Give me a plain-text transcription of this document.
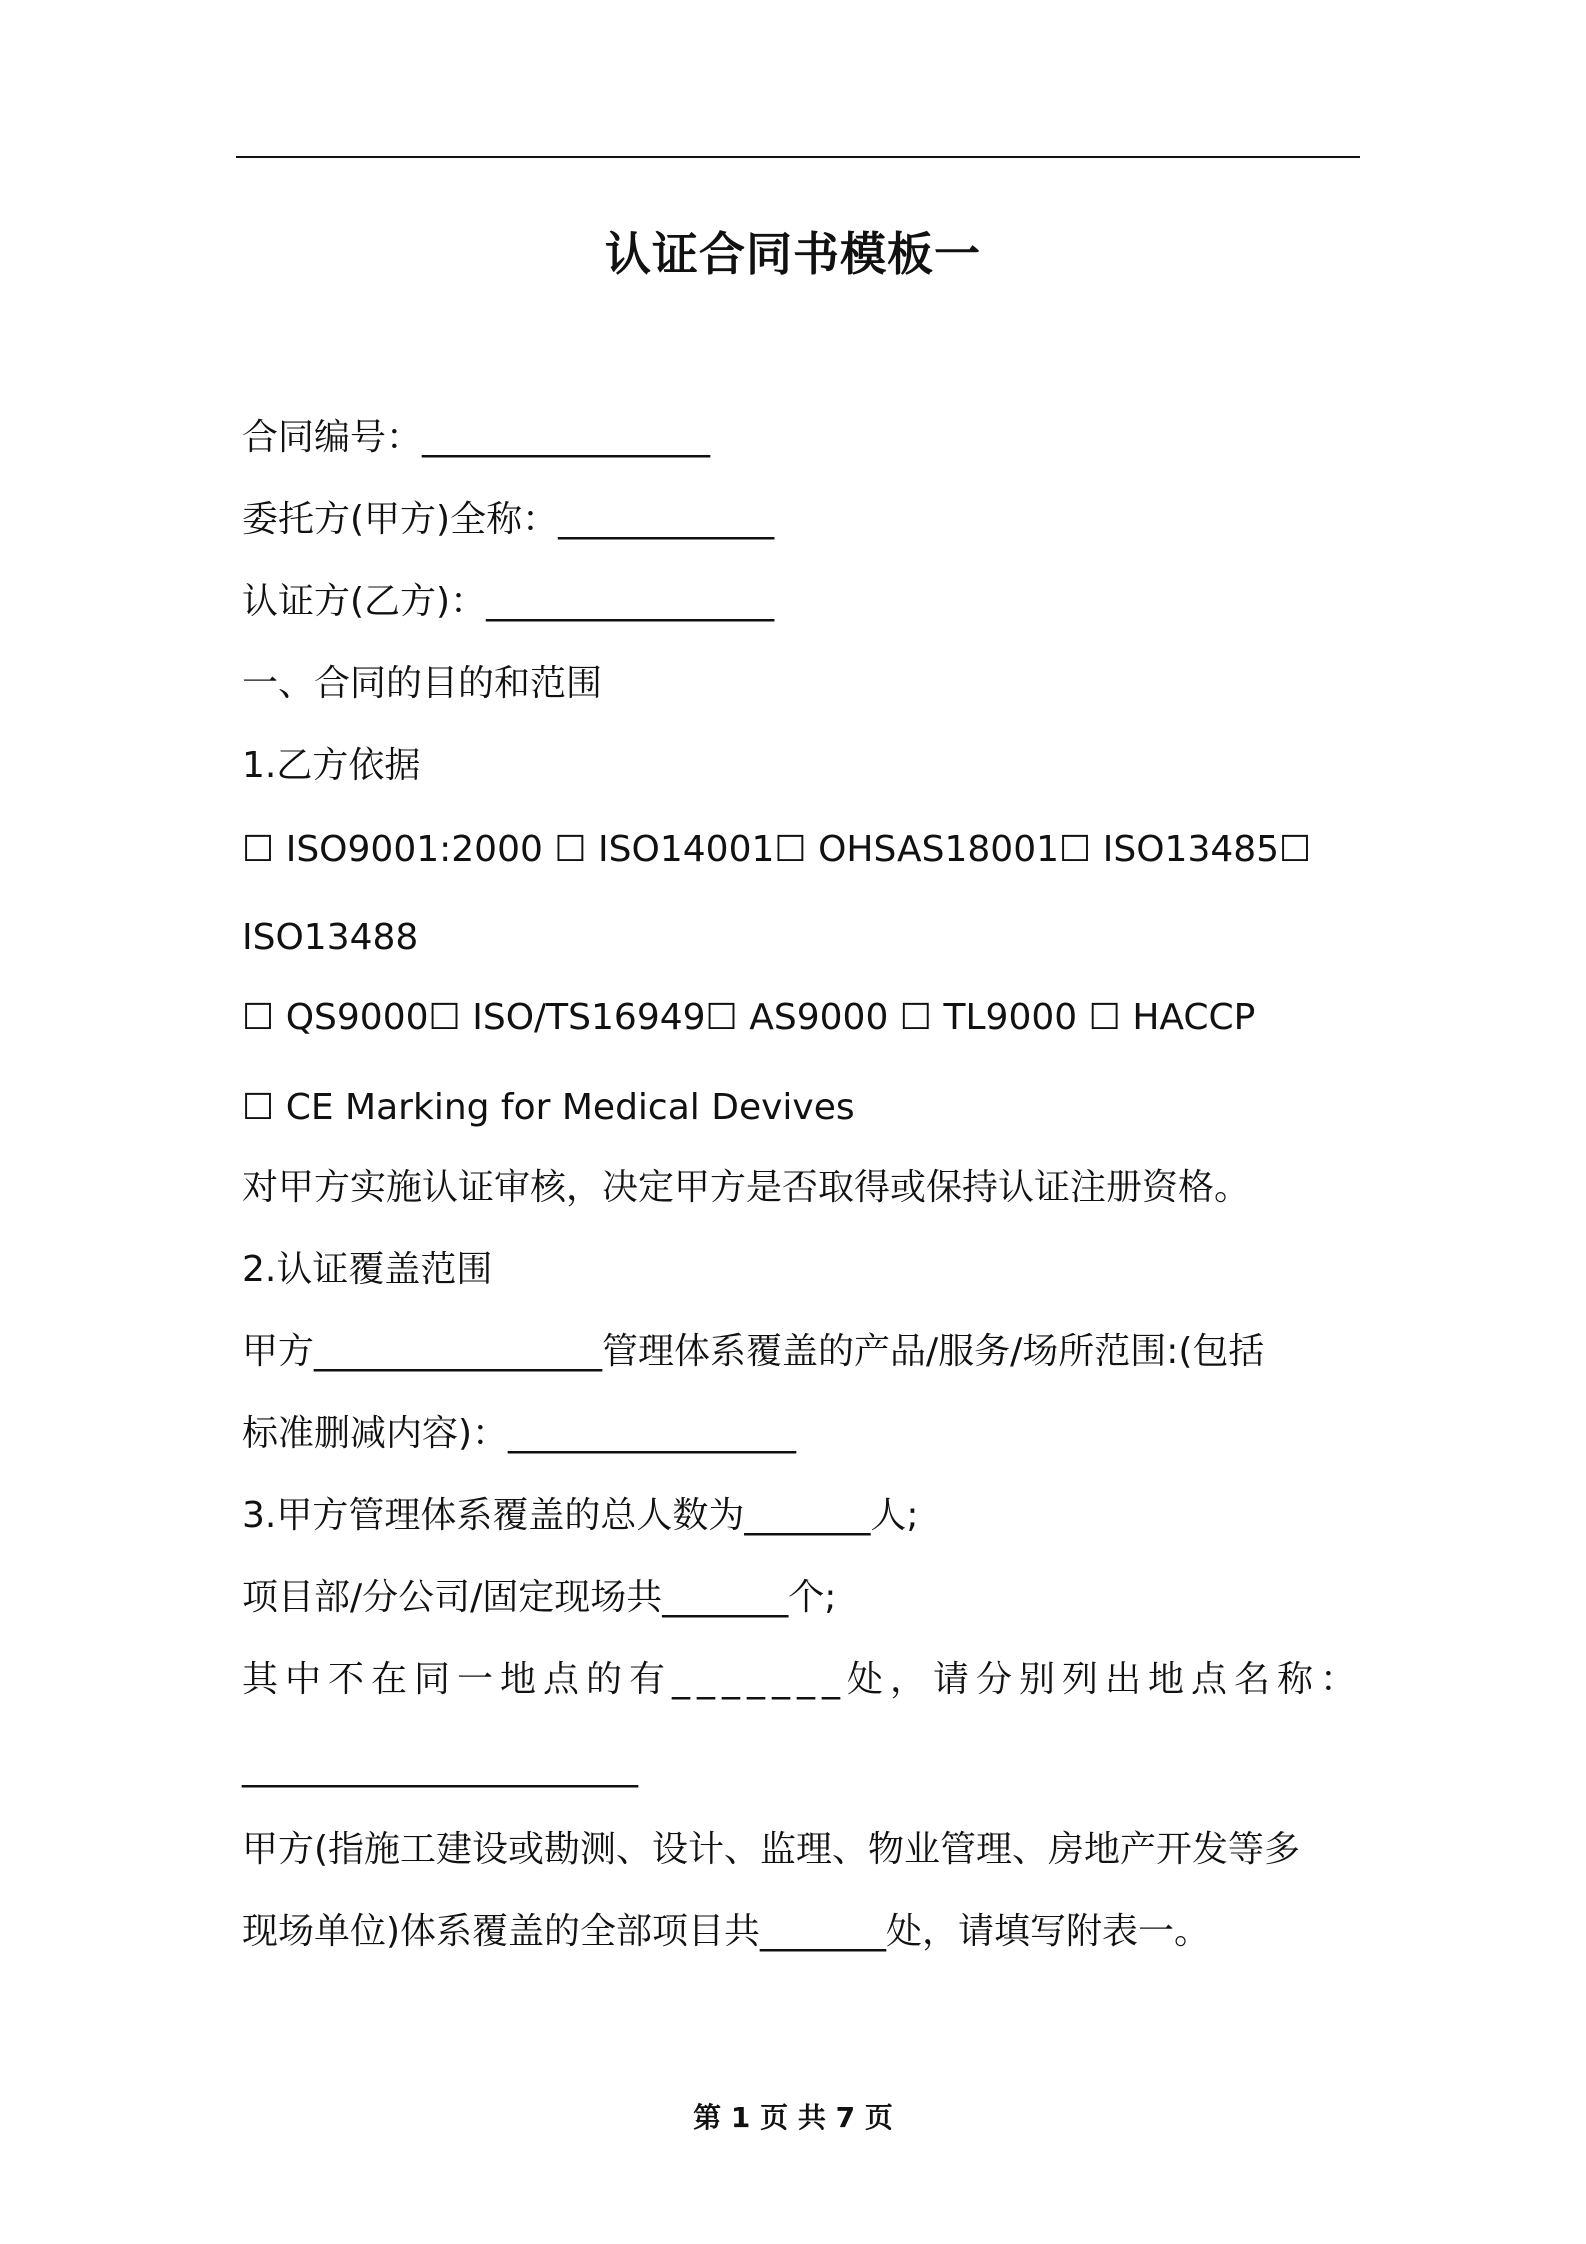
认证合同书模板一
合同编号：________________
委托方(甲方)全称：____________
认证方(乙方)：________________
一、合同的目的和范围
1.乙方依据
☐ ISO9001:2000 ☐ ISO14001☐ OHSAS18001☐ ISO13485☐
ISO13488
☐ QS9000☐ ISO/TS16949☐ AS9000 ☐ TL9000 ☐ HACCP
☐ CE Marking for Medical Devives
对甲方实施认证审核，决定甲方是否取得或保持认证注册资格。
2.认证覆盖范围
甲方________________管理体系覆盖的产品/服务/场所范围:(包括
标准删减内容)：________________
3.甲方管理体系覆盖的总人数为_______人;
项目部/分公司/固定现场共_______个;
其中不在同一地点的有_______处，请分别列出地点名称：
______________________
甲方(指施工建设或勘测、设计、监理、物业管理、房地产开发等多
现场单位)体系覆盖的全部项目共_______处，请填写附表一。
第 1 页 共 7 页
